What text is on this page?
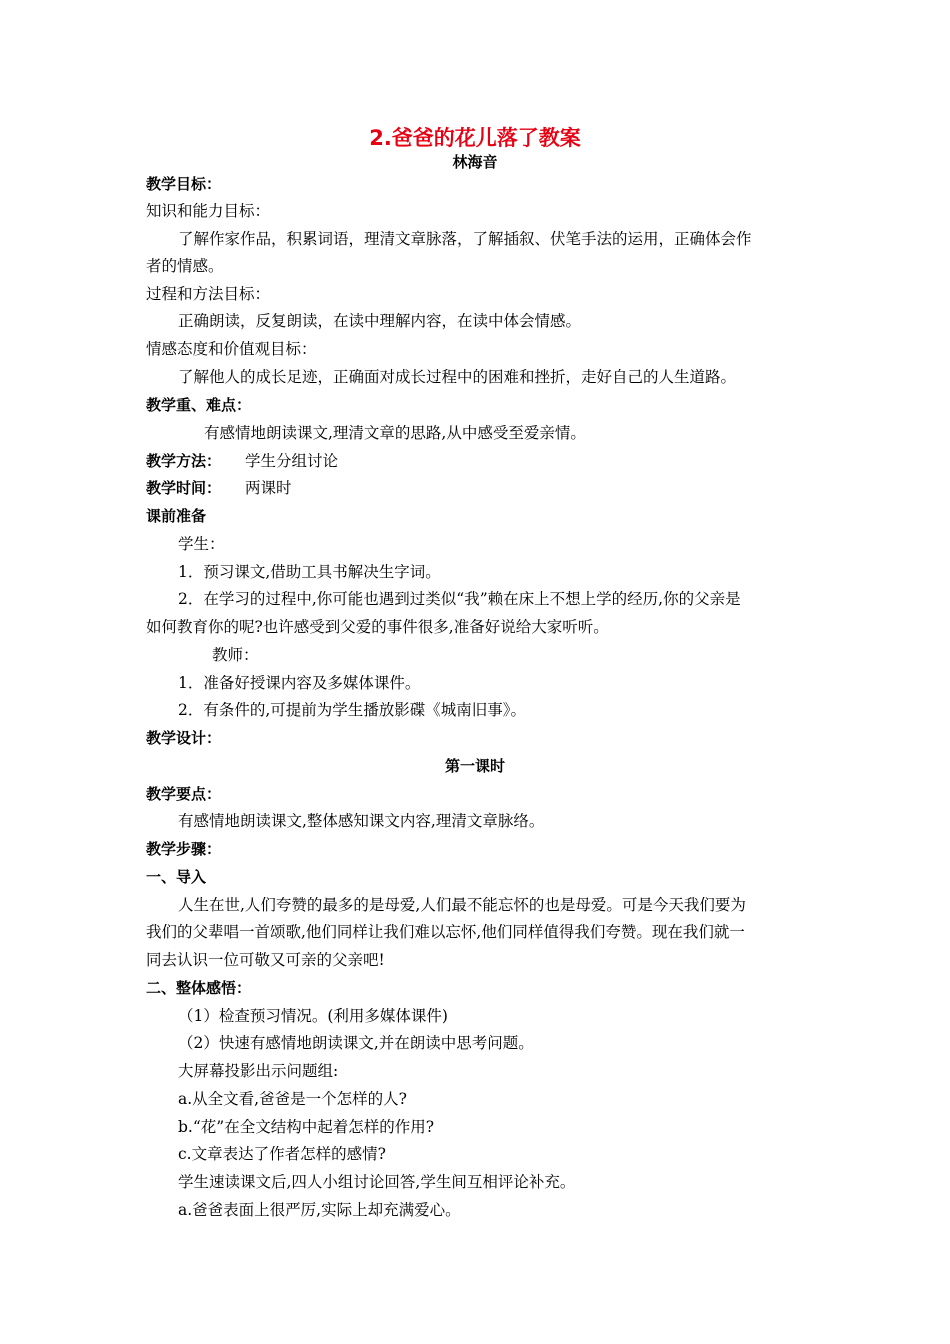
2.爸爸的花儿落了教案
林海音
教学目标：
知识和能力目标：
了解作家作品，积累词语，理清文章脉落，了解插叙、伏笔手法的运用，正确体会作
者的情感。
过程和方法目标：
正确朗读，反复朗读，在读中理解内容，在读中体会情感。
情感态度和价值观目标：
了解他人的成长足迹，正确面对成长过程中的困难和挫折，走好自己的人生道路。
教学重、难点：
有感情地朗读课文,理清文章的思路,从中感受至爱亲情。
教学方法： 学生分组讨论
教学时间： 两课时
课前准备
学生：
1．预习课文,借助工具书解决生字词。
2．在学习的过程中,你可能也遇到过类似“我”赖在床上不想上学的经历,你的父亲是
如何教育你的呢?也许感受到父爱的事件很多,准备好说给大家听听。
教师：
1．准备好授课内容及多媒体课件。
2．有条件的,可提前为学生播放影碟《城南旧事》。
教学设计：
第一课时
教学要点：
有感情地朗读课文,整体感知课文内容,理清文章脉络。
教学步骤：
一、导入
人生在世,人们夸赞的最多的是母爱,人们最不能忘怀的也是母爱。可是今天我们要为
我们的父辈唱一首颂歌,他们同样让我们难以忘怀,他们同样值得我们夸赞。现在我们就一
同去认识一位可敬又可亲的父亲吧!
二、整体感悟：
（1）检查预习情况。(利用多媒体课件)
（2）快速有感情地朗读课文,并在朗读中思考问题。
大屏幕投影出示问题组:
a.从全文看,爸爸是一个怎样的人?
b.“花”在全文结构中起着怎样的作用?
c.文章表达了作者怎样的感情?
学生速读课文后,四人小组讨论回答,学生间互相评论补充。
a.爸爸表面上很严厉,实际上却充满爱心。
